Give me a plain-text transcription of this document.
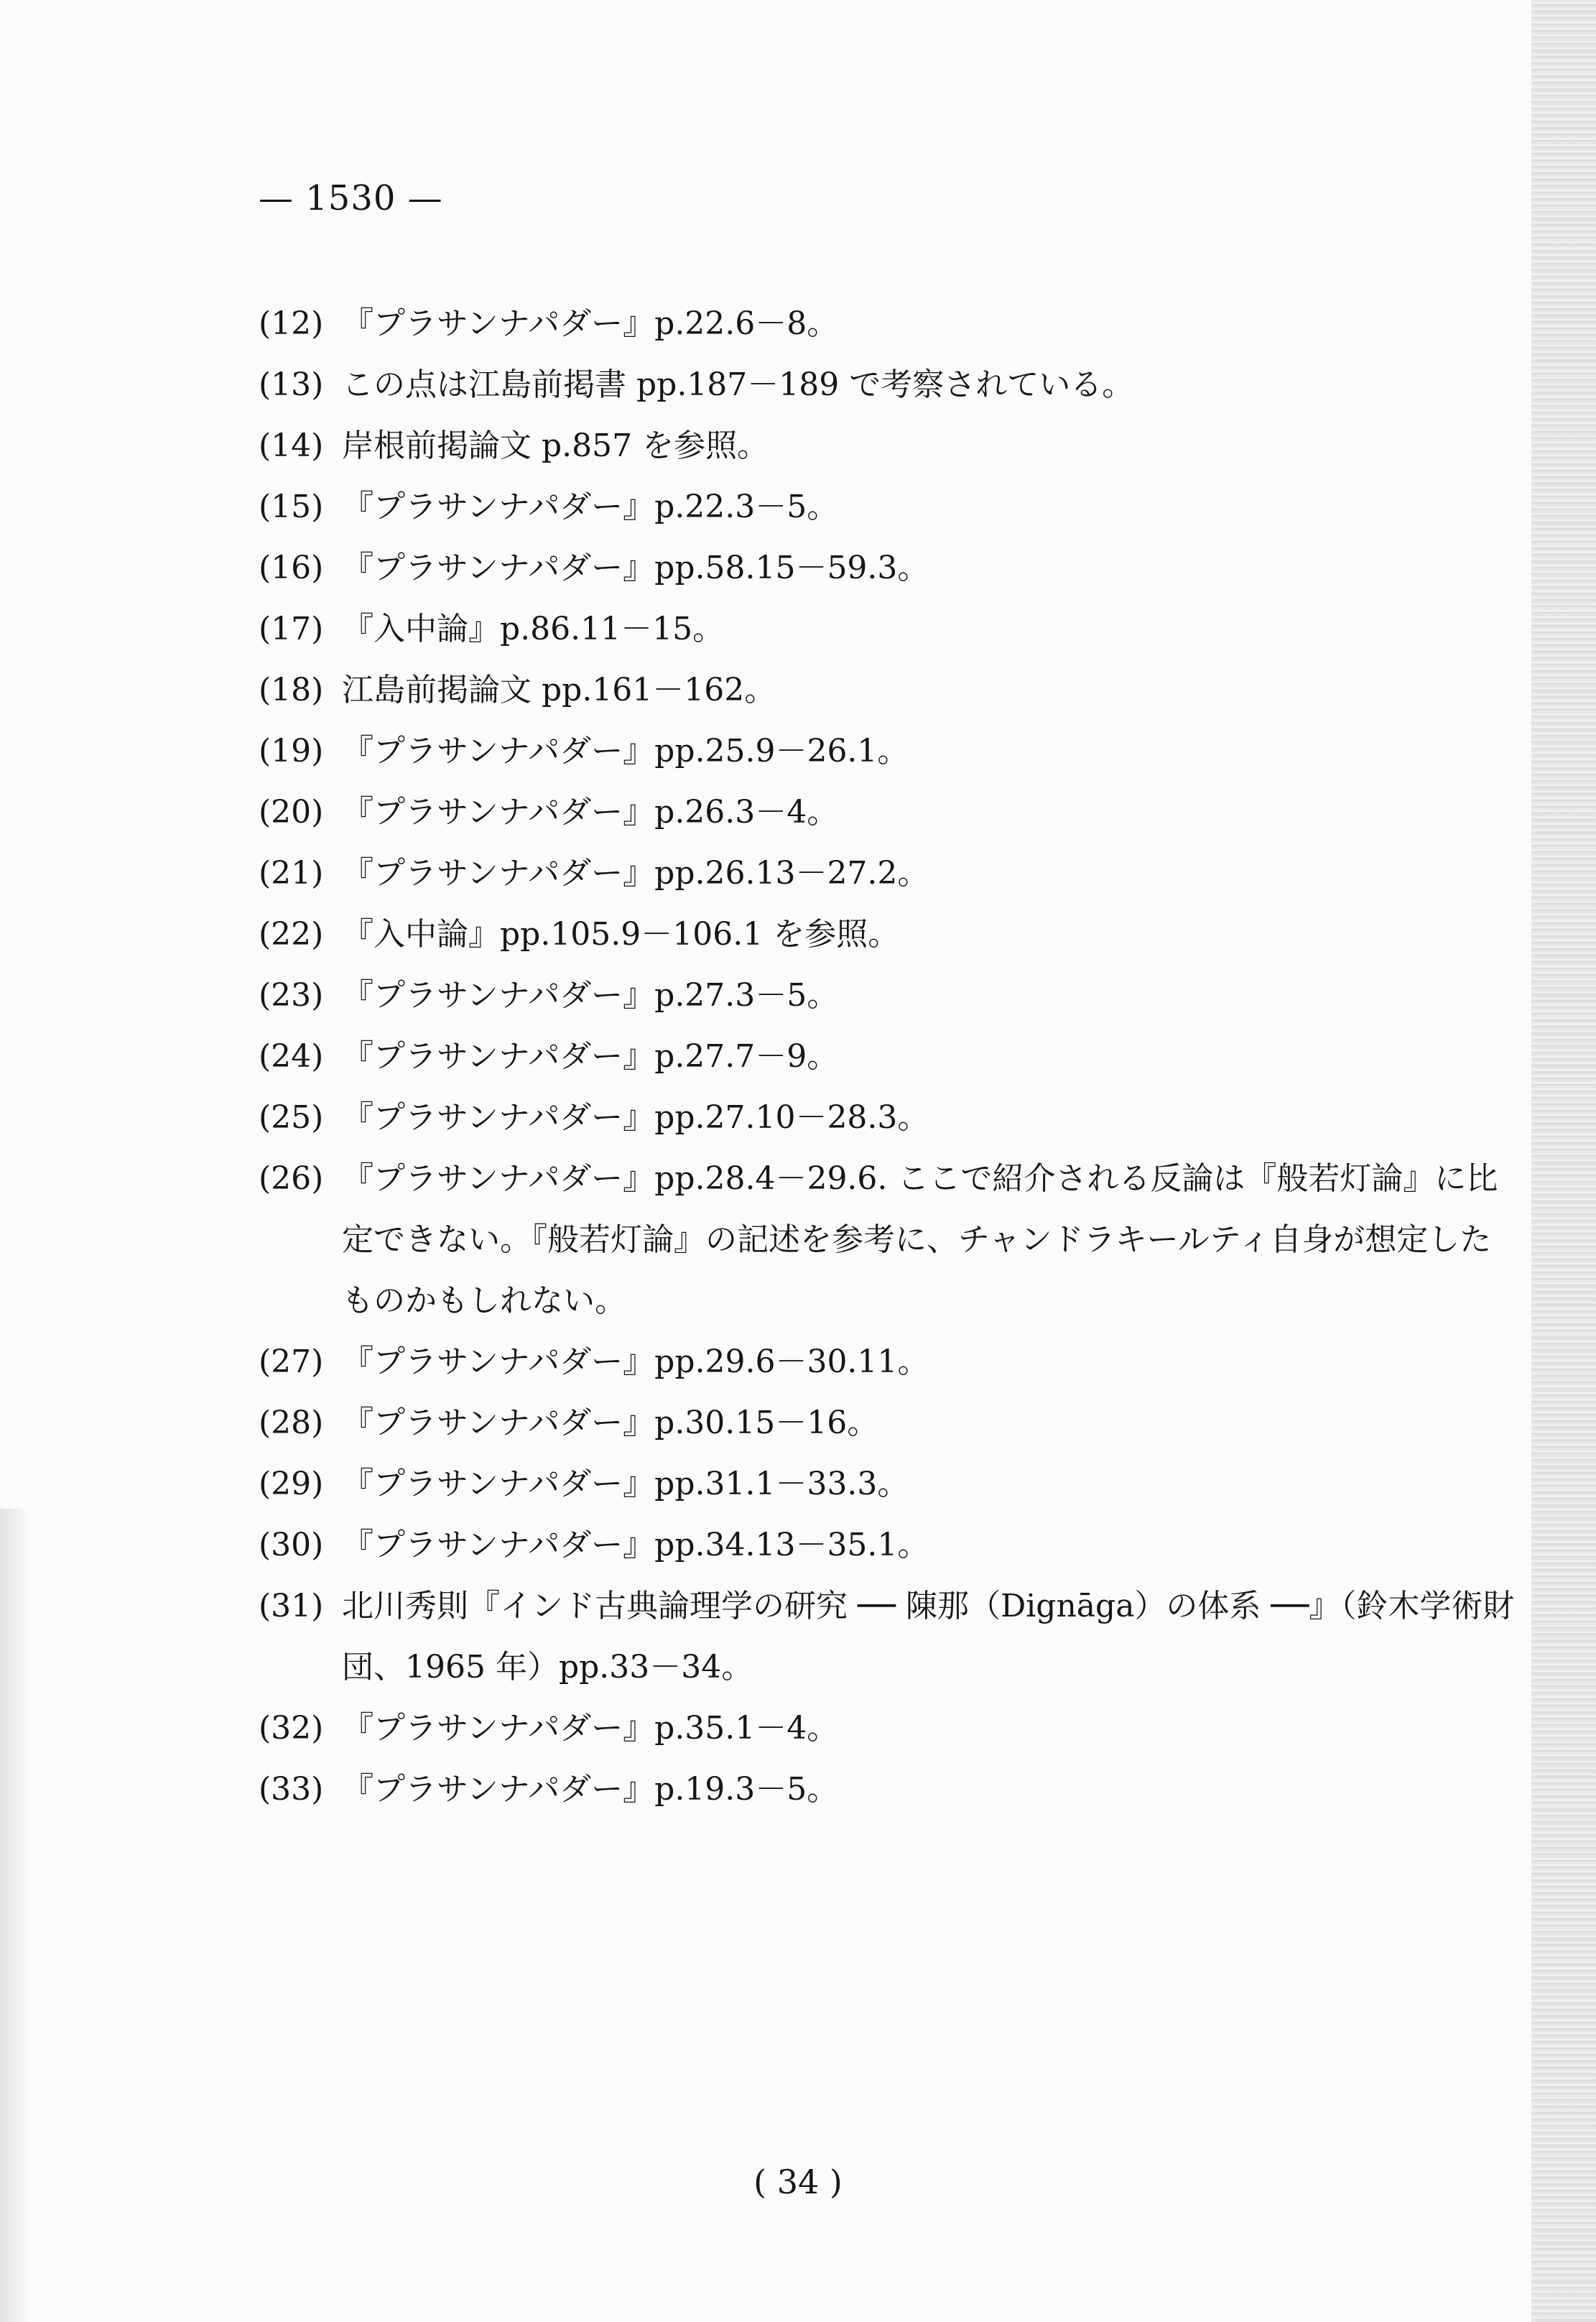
— 1530 —
(12) 『プラサンナパダー』p.22.6－8。
(13) この点は江島前掲書 pp.187－189 で考察されている。
(14) 岸根前掲論文 p.857 を参照。
(15) 『プラサンナパダー』p.22.3－5。
(16) 『プラサンナパダー』pp.58.15－59.3。
(17) 『入中論』p.86.11－15。
(18) 江島前掲論文 pp.161－162。
(19) 『プラサンナパダー』pp.25.9－26.1。
(20) 『プラサンナパダー』p.26.3－4。
(21) 『プラサンナパダー』pp.26.13－27.2。
(22) 『入中論』pp.105.9－106.1 を参照。
(23) 『プラサンナパダー』p.27.3－5。
(24) 『プラサンナパダー』p.27.7－9。
(25) 『プラサンナパダー』pp.27.10－28.3。
(26) 『プラサンナパダー』pp.28.4－29.6. ここで紹介される反論は『般若灯論』に比定できない。『般若灯論』の記述を参考に、チャンドラキールティ自身が想定したものかもしれない。
(27) 『プラサンナパダー』pp.29.6－30.11。
(28) 『プラサンナパダー』p.30.15－16。
(29) 『プラサンナパダー』pp.31.1－33.3。
(30) 『プラサンナパダー』pp.34.13－35.1。
(31) 北川秀則『インド古典論理学の研究 ── 陳那（Dignāga）の体系 ──』（鈴木学術財団、1965 年）pp.33－34。
(32) 『プラサンナパダー』p.35.1－4。
(33) 『プラサンナパダー』p.19.3－5。
( 34 )
